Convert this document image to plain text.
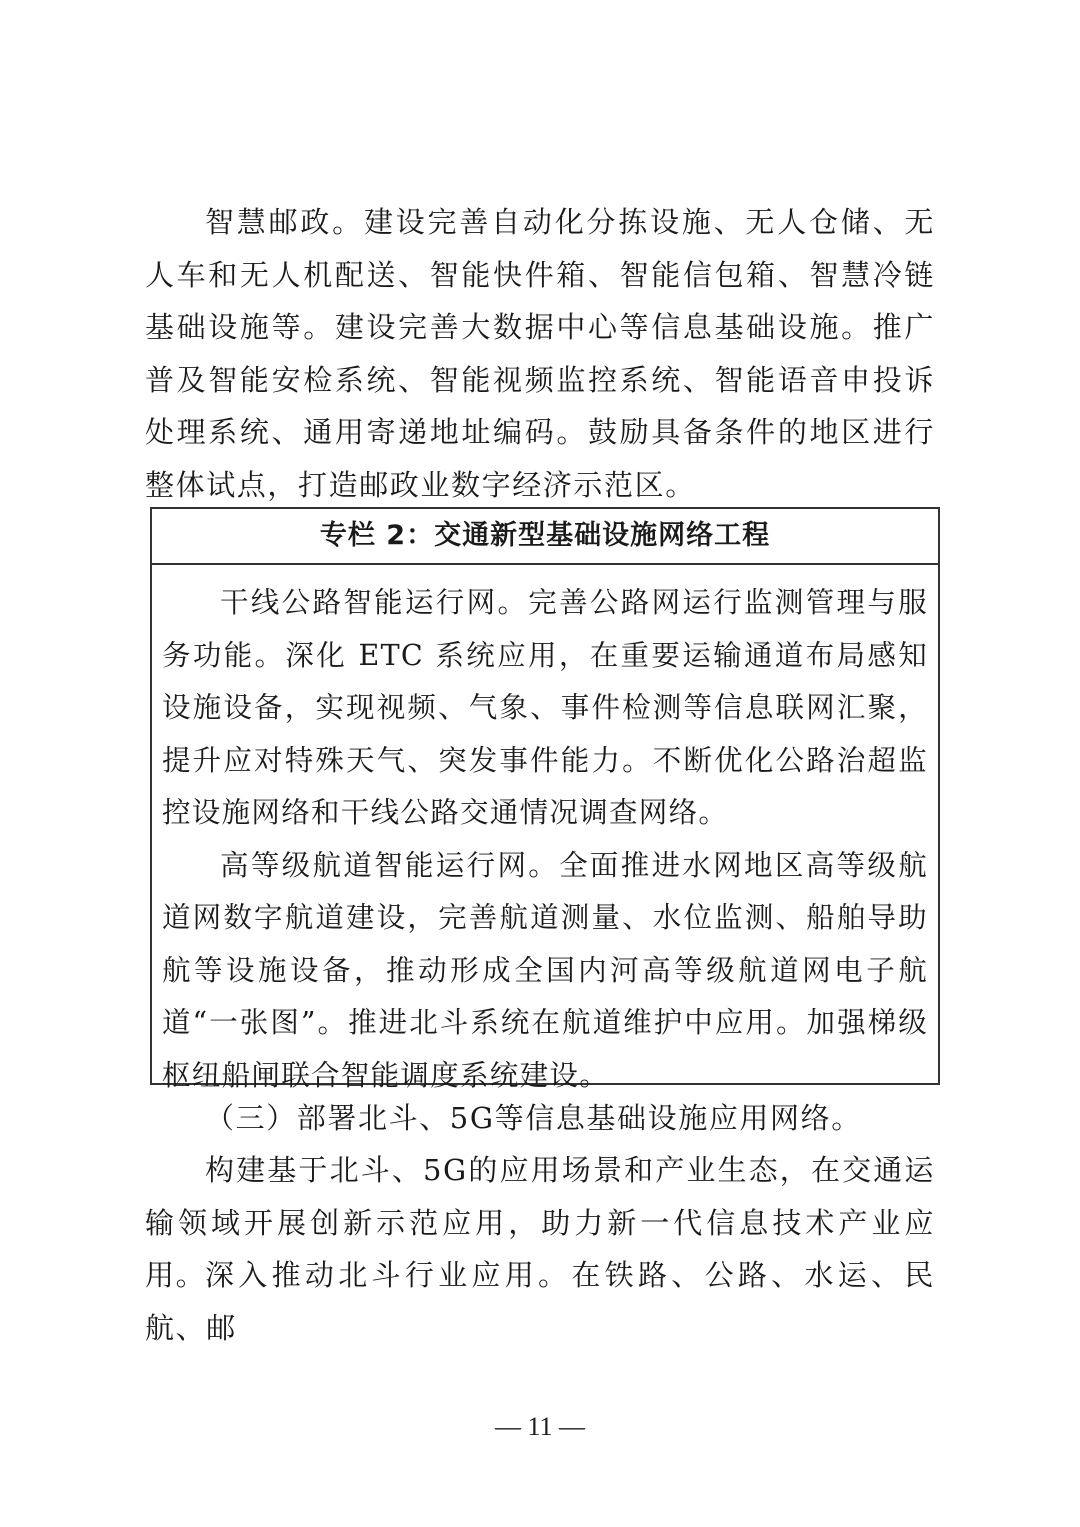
智慧邮政。建设完善自动化分拣设施、无人仓储、无人车和无人机配送、智能快件箱、智能信包箱、智慧冷链基础设施等。建设完善大数据中心等信息基础设施。推广普及智能安检系统、智能视频监控系统、智能语音申投诉处理系统、通用寄递地址编码。鼓励具备条件的地区进行整体试点，打造邮政业数字经济示范区。

专栏 2：交通新型基础设施网络工程

干线公路智能运行网。完善公路网运行监测管理与服务功能。深化 ETC 系统应用，在重要运输通道布局感知设施设备，实现视频、气象、事件检测等信息联网汇聚，提升应对特殊天气、突发事件能力。不断优化公路治超监控设施网络和干线公路交通情况调查网络。

高等级航道智能运行网。全面推进水网地区高等级航道网数字航道建设，完善航道测量、水位监测、船舶导助航等设施设备，推动形成全国内河高等级航道网电子航道“一张图”。推进北斗系统在航道维护中应用。加强梯级枢纽船闸联合智能调度系统建设。

（三）部署北斗、5G等信息基础设施应用网络。

构建基于北斗、5G的应用场景和产业生态，在交通运输领域开展创新示范应用，助力新一代信息技术产业应用。

深入推动北斗行业应用。在铁路、公路、水运、民航、邮

— 11 —
